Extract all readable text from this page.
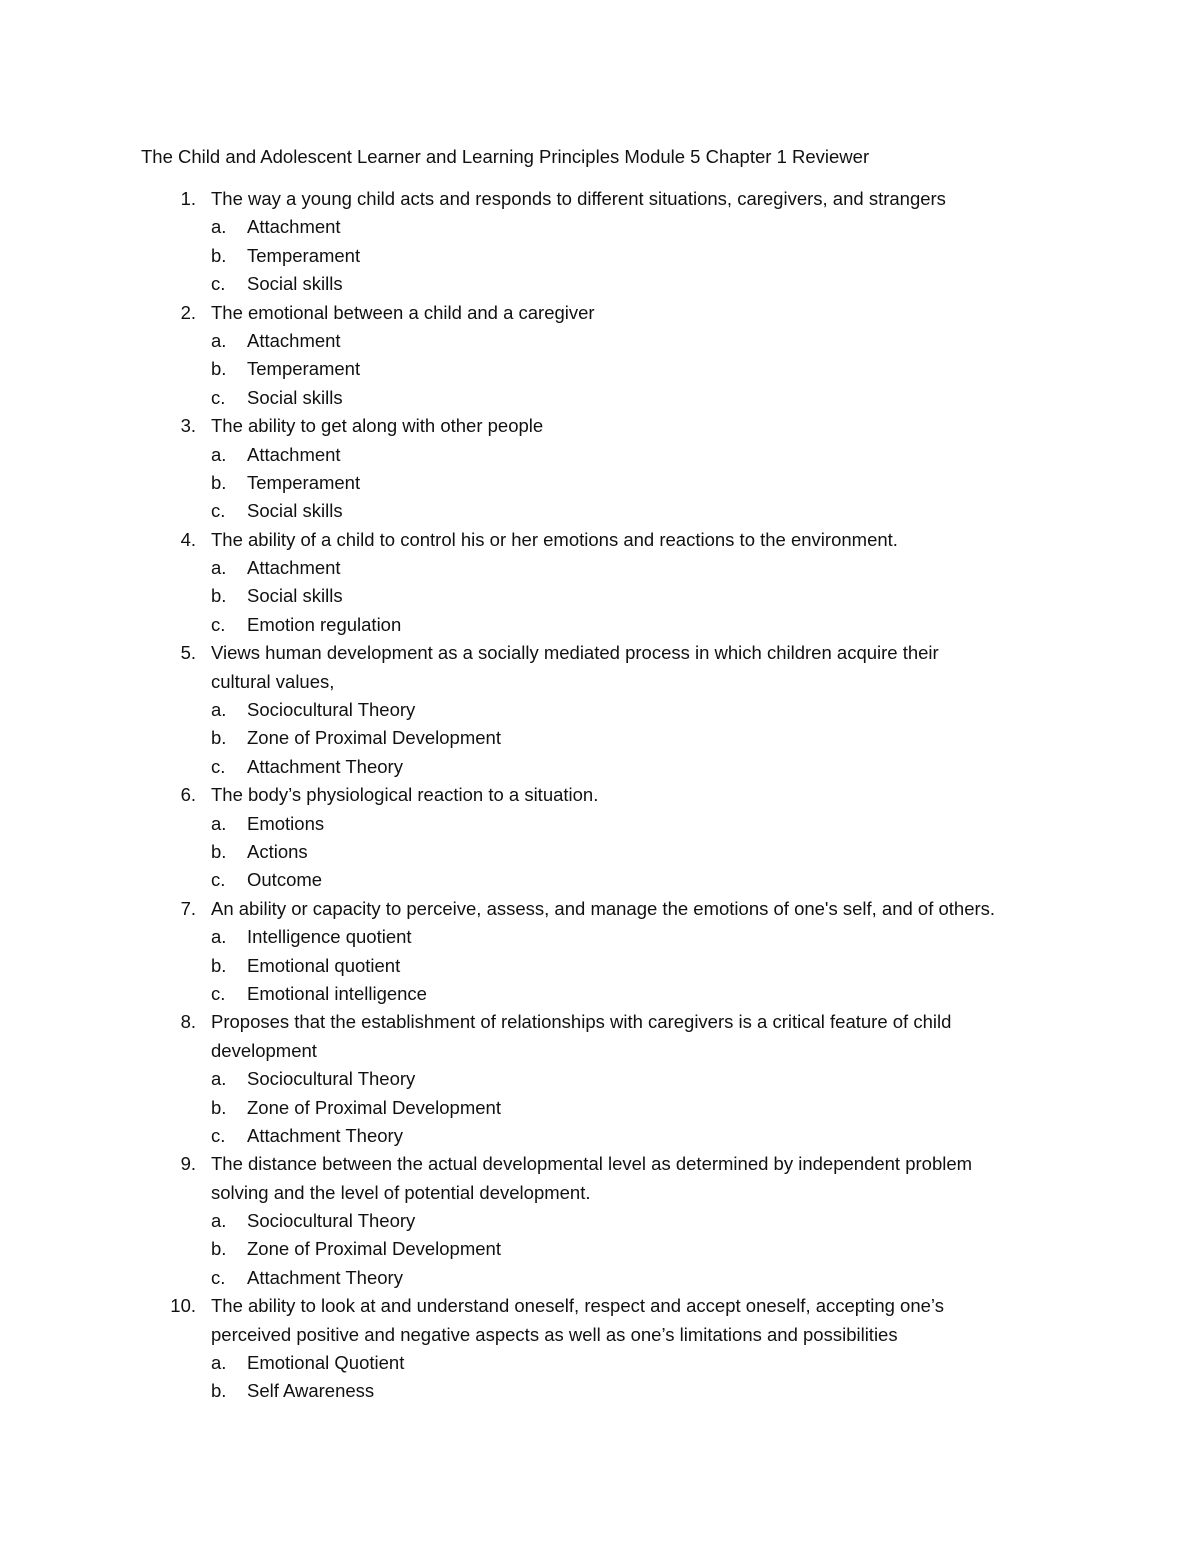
The Child and Adolescent Learner and Learning Principles Module 5 Chapter 1 Reviewer
1. The way a young child acts and responds to different situations, caregivers, and strangers
a. Attachment
b. Temperament
c. Social skills
2. The emotional between a child and a caregiver
a. Attachment
b. Temperament
c. Social skills
3. The ability to get along with other people
a. Attachment
b. Temperament
c. Social skills
4. The ability of a child to control his or her emotions and reactions to the environment.
a. Attachment
b. Social skills
c. Emotion regulation
5. Views human development as a socially mediated process in which children acquire their
cultural values,
a. Sociocultural Theory
b. Zone of Proximal Development
c. Attachment Theory
6. The body’s physiological reaction to a situation.
a. Emotions
b. Actions
c. Outcome
7. An ability or capacity to perceive, assess, and manage the emotions of one's self, and of others.
a. Intelligence quotient
b. Emotional quotient
c. Emotional intelligence
8. Proposes that the establishment of relationships with caregivers is a critical feature of child
development
a. Sociocultural Theory
b. Zone of Proximal Development
c. Attachment Theory
9. The distance between the actual developmental level as determined by independent problem
solving and the level of potential development.
a. Sociocultural Theory
b. Zone of Proximal Development
c. Attachment Theory
10. The ability to look at and understand oneself, respect and accept oneself, accepting one’s
perceived positive and negative aspects as well as one’s limitations and possibilities
a. Emotional Quotient
b. Self Awareness
